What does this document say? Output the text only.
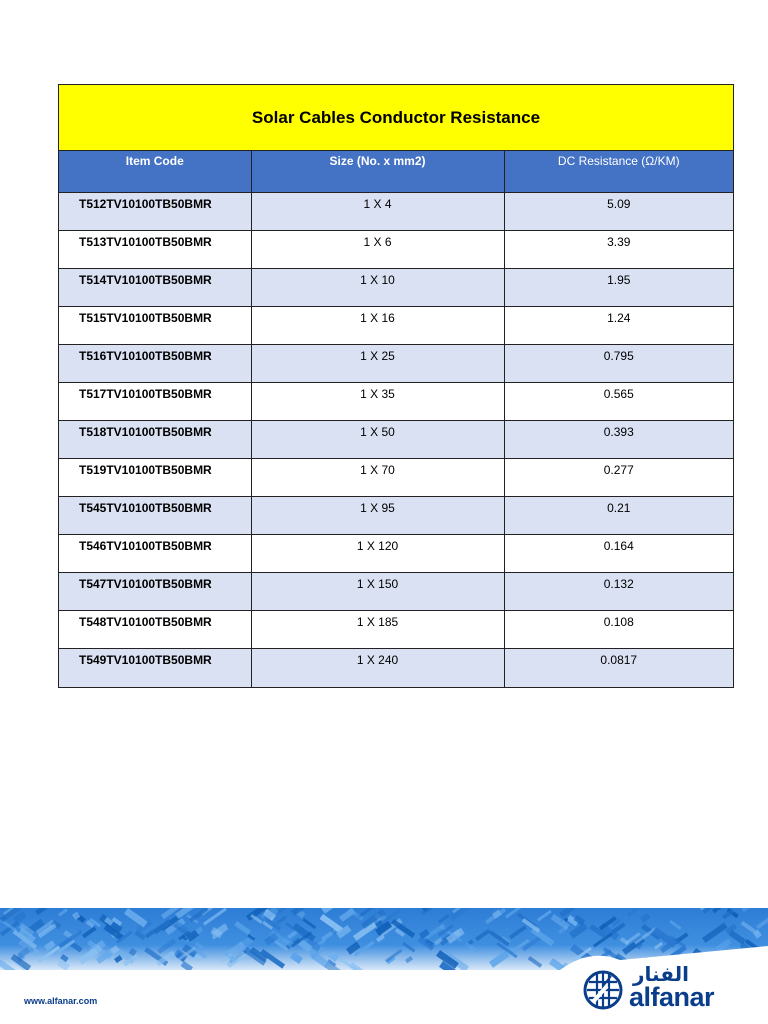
Solar Cables Conductor Resistance
Item Code	Size (No. x mm2)	DC Resistance (Ω/KM)
T512TV10100TB50BMR	1 X 4	5.09
T513TV10100TB50BMR	1 X 6	3.39
T514TV10100TB50BMR	1 X 10	1.95
T515TV10100TB50BMR	1 X 16	1.24
T516TV10100TB50BMR	1 X 25	0.795
T517TV10100TB50BMR	1 X 35	0.565
T518TV10100TB50BMR	1 X 50	0.393
T519TV10100TB50BMR	1 X 70	0.277
T545TV10100TB50BMR	1 X 95	0.21
T546TV10100TB50BMR	1 X 120	0.164
T547TV10100TB50BMR	1 X 150	0.132
T548TV10100TB50BMR	1 X 185	0.108
T549TV10100TB50BMR	1 X 240	0.0817
www.alfanar.com
الفنار
alfanar
